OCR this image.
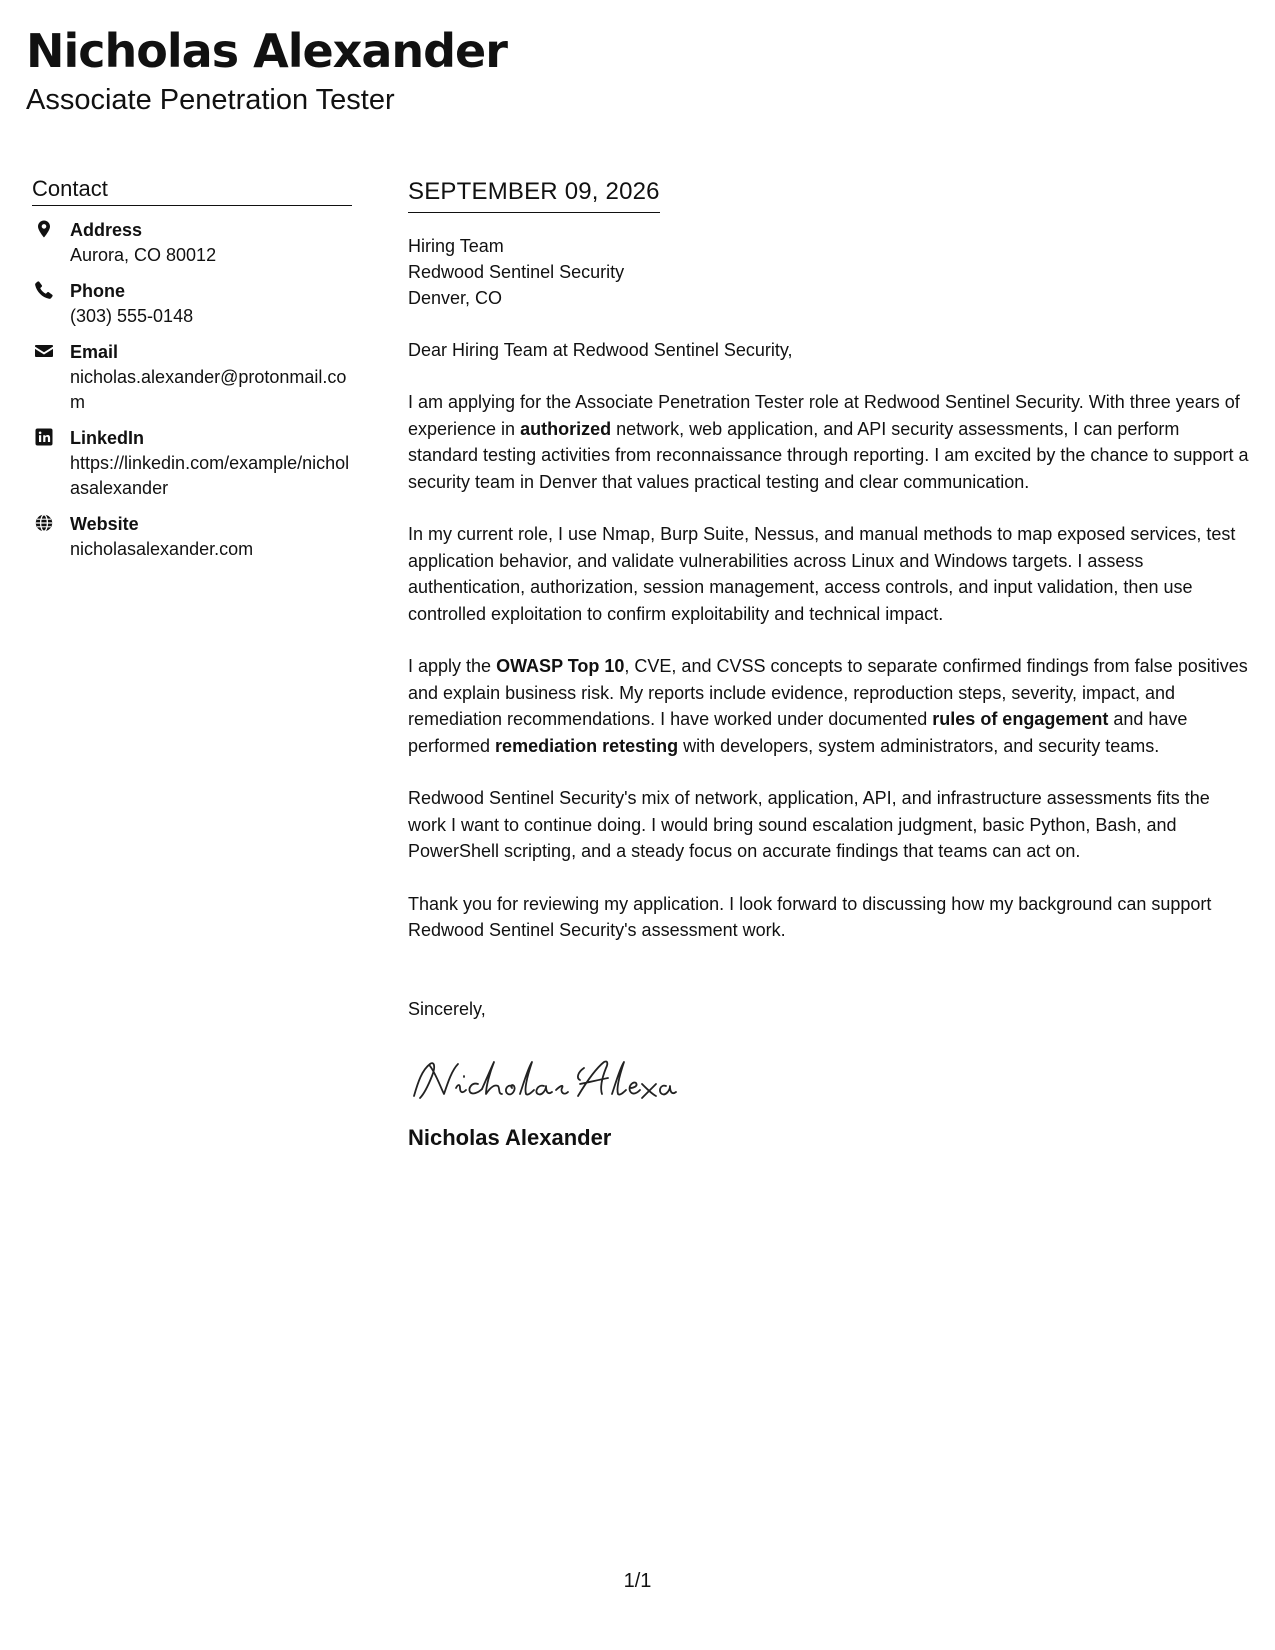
Nicholas Alexander
Associate Penetration Tester
Contact
Address
Aurora, CO 80012
Phone
(303) 555-0148
Email
nicholas.alexander@protonmail.com
LinkedIn
https://linkedin.com/example/nicholasalexander
Website
nicholasalexander.com
SEPTEMBER 09, 2026
Hiring Team
Redwood Sentinel Security
Denver, CO
Dear Hiring Team at Redwood Sentinel Security,

I am applying for the Associate Penetration Tester role at Redwood Sentinel Security. With three years of experience in authorized network, web application, and API security assessments, I can perform standard testing activities from reconnaissance through reporting. I am excited by the chance to support a security team in Denver that values practical testing and clear communication.

In my current role, I use Nmap, Burp Suite, Nessus, and manual methods to map exposed services, test application behavior, and validate vulnerabilities across Linux and Windows targets. I assess authentication, authorization, session management, access controls, and input validation, then use controlled exploitation to confirm exploitability and technical impact.

I apply the OWASP Top 10, CVE, and CVSS concepts to separate confirmed findings from false positives and explain business risk. My reports include evidence, reproduction steps, severity, impact, and remediation recommendations. I have worked under documented rules of engagement and have performed remediation retesting with developers, system administrators, and security teams.

Redwood Sentinel Security's mix of network, application, API, and infrastructure assessments fits the work I want to continue doing. I would bring sound escalation judgment, basic Python, Bash, and PowerShell scripting, and a steady focus on accurate findings that teams can act on.

Thank you for reviewing my application. I look forward to discussing how my background can support Redwood Sentinel Security's assessment work.

Sincerely,
Nicholas Alexander
1/1
